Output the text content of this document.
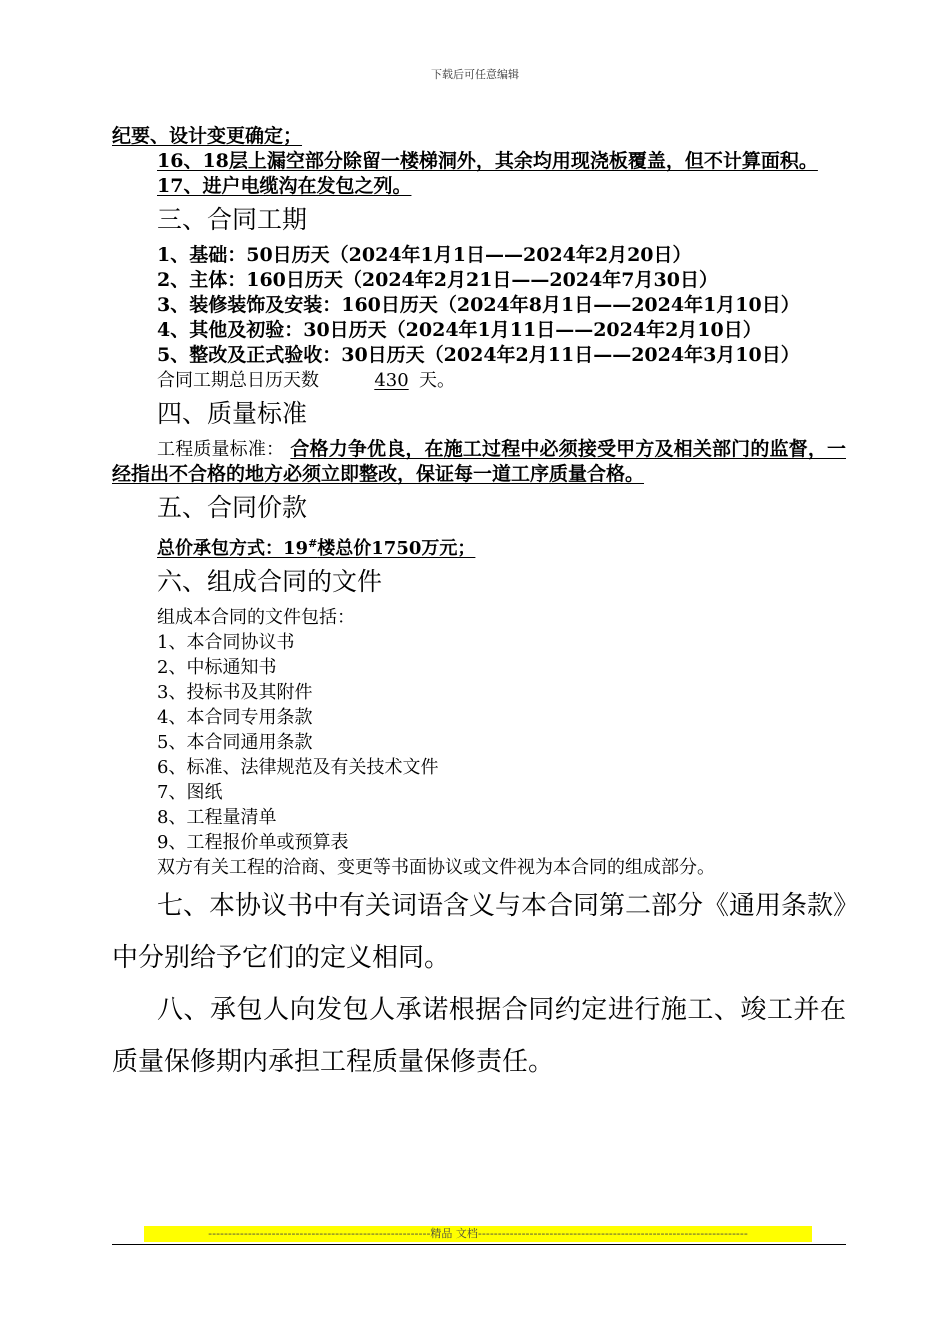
下载后可任意编辑

纪要、设计变更确定；

16、18层上漏空部分除留一楼梯洞外，其余均用现浇板覆盖，但不计算面积。

17、进户电缆沟在发包之列。

三、合同工期

1、基础：50日历天（2024年1月1日——2024年2月20日）

2、主体：160日历天（2024年2月21日——2024年7月30日）

3、装修装饰及安装：160日历天（2024年8月1日——2024年1月10日）

4、其他及初验：30日历天（2024年1月11日——2024年2月10日）

5、整改及正式验收：30日历天（2024年2月11日——2024年3月10日）

合同工期总日历天数	430 天。

四、质量标准

工程质量标准： 合格力争优良，在施工过程中必须接受甲方及相关部门的监督，一经指出不合格的地方必须立即整改，保证每一道工序质量合格。

五、合同价款

总价承包方式：19#楼总价1750万元；

六、组成合同的文件

组成本合同的文件包括：

1、本合同协议书

2、中标通知书

3、投标书及其附件

4、本合同专用条款

5、本合同通用条款

6、标准、法律规范及有关技术文件

7、图纸

8、工程量清单

9、工程报价单或预算表

双方有关工程的洽商、变更等书面协议或文件视为本合同的组成部分。

七、本协议书中有关词语含义与本合同第二部分《通用条款》中分别给予它们的定义相同。

八、承包人向发包人承诺根据合同约定进行施工、竣工并在质量保修期内承担工程质量保修责任。

--------------------------------------------------------精品 文档--------------------------------------------------------------------
